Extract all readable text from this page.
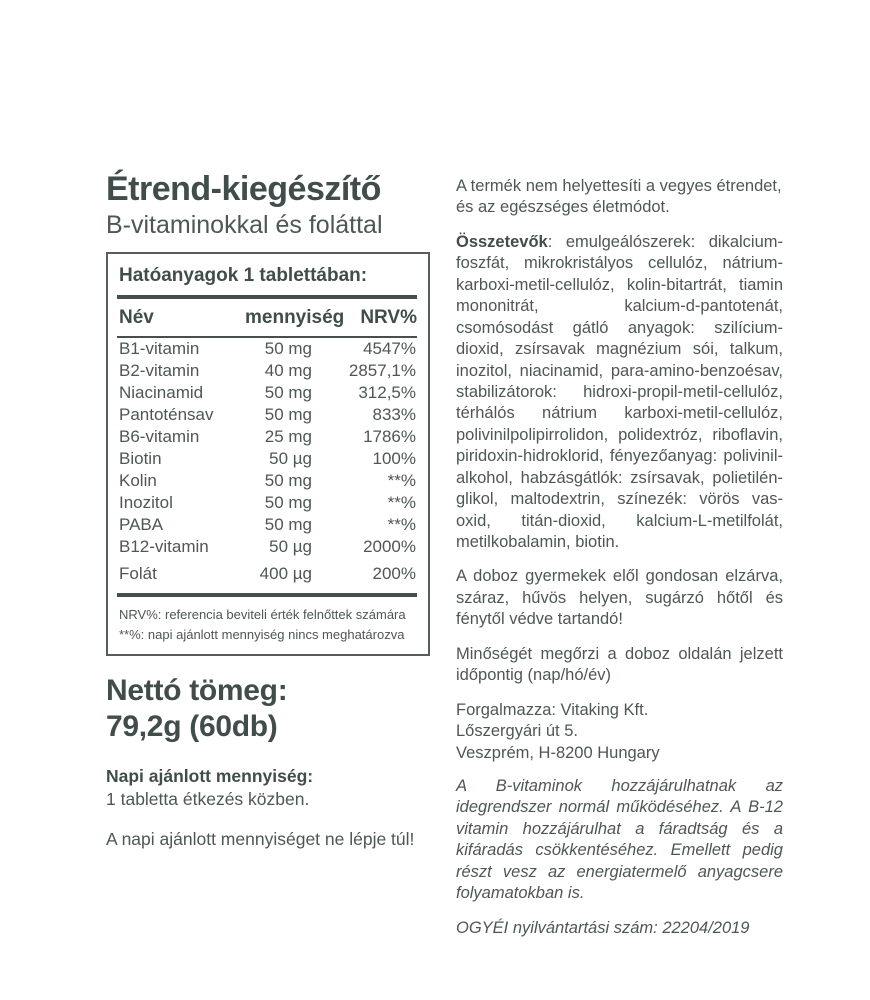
Étrend-kiegészítő
B-vitaminokkal és foláttal
Hatóanyagok 1 tablettában:
Név	mennyiség	NRV%
B1-vitamin	50 mg	4547%
B2-vitamin	40 mg	2857,1%
Niacinamid	50 mg	312,5%
Pantoténsav	50 mg	833%
B6-vitamin	25 mg	1786%
Biotin	50 µg	100%
Kolin	50 mg	**%
Inozitol	50 mg	**%
PABA	50 mg	**%
B12-vitamin	50 µg	2000%
Folát	400 µg	200%
NRV%: referencia beviteli érték felnőttek számára
**%: napi ajánlott mennyiség nincs meghatározva
Nettó tömeg:
79,2g (60db)
Napi ajánlott mennyiség:
1 tabletta étkezés közben.
A napi ajánlott mennyiséget ne lépje túl!

A termék nem helyettesíti a vegyes étrendet, és az egészséges életmódot.

Összetevők: emulgeálószerek: dikalcium-foszfát, mikrokristályos cellulóz, nátrium-karboxi-metil-cellulóz, kolin-bitartrát, tiamin mononitrát, kalcium-d-pantotenát, csomósodást gátló anyagok: szilícium-dioxid, zsírsavak magnézium sói, talkum, inozitol, niacinamid, para-amino-benzoésav, stabilizátorok: hidroxi-propil-metil-cellulóz, térhálós nátrium karboxi-metil-cellulóz, polivinilpolipirrolidon, polidextróz, riboflavin, piridoxin-hidroklorid, fényezőanyag: polivinil-alkohol, habzásgátlók: zsírsavak, polietilén-glikol, maltodextrin, színezék: vörös vas-oxid, titán-dioxid, kalcium-L-metilfolát, metilkobalamin, biotin.

A doboz gyermekek elől gondosan elzárva, száraz, hűvös helyen, sugárzó hőtől és fénytől védve tartandó!

Minőségét megőrzi a doboz oldalán jelzett időpontig (nap/hó/év)

Forgalmazza: Vitaking Kft.

Lőszergyári út 5.

Veszprém, H-8200 Hungary

A B-vitaminok hozzájárulhatnak az idegrendszer normál működéséhez. A B-12 vitamin hozzájárulhat a fáradtság és a kifáradás csökkentéséhez. Emellett pedig részt vesz az energiatermelő anyagcsere folyamatokban is.

OGYÉI nyilvántartási szám: 22204/2019
